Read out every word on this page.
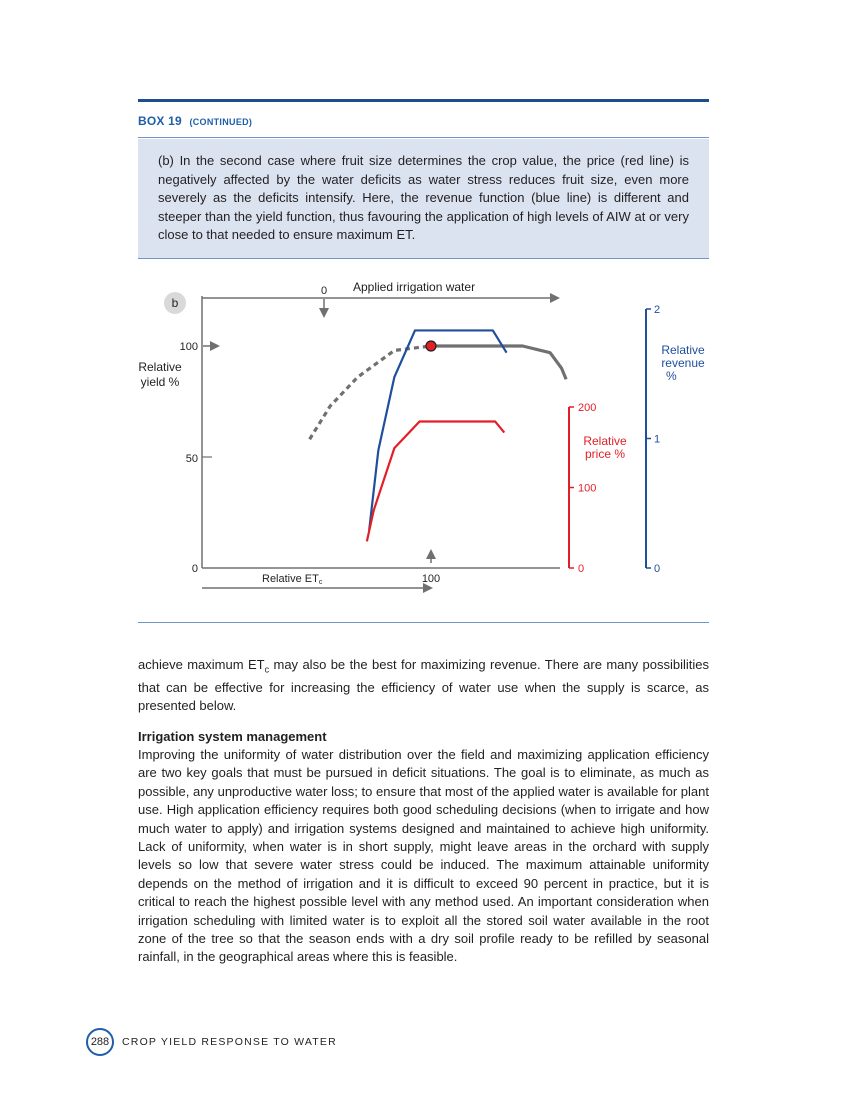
BOX 19 (CONTINUED)
(b) In the second case where fruit size determines the crop value, the price (red line) is negatively affected by the water deficits as water stress reduces fruit size, even more severely as the deficits intensify. Here, the revenue function (blue line) is different and steeper than the yield function, thus favouring the application of high levels of AIW at or very close to that needed to ensure maximum ET.
Applied irrigation water
0
b
100
50
0
Relative
yield %
100
Relative ETc
0
100
200
Relative
price %
0
1
2
Relative
revenue
%
achieve maximum $ET_c$ may also be the best for maximizing revenue. There are many possibilities that can be effective for increasing the efficiency of water use when the supply is scarce, as presented below.
Irrigation system management
Improving the uniformity of water distribution over the field and maximizing application efficiency are two key goals that must be pursued in deficit situations. The goal is to eliminate, as much as possible, any unproductive water loss; to ensure that most of the applied water is available for plant use. High application efficiency requires both good scheduling decisions (when to irrigate and how much water to apply) and irrigation systems designed and maintained to achieve high uniformity. Lack of uniformity, when water is in short supply, might leave areas in the orchard with supply levels so low that severe water stress could be induced. The maximum attainable uniformity depends on the method of irrigation and it is difficult to exceed 90 percent in practice, but it is critical to reach the highest possible level with any method used. An important consideration when irrigation scheduling with limited water is to exploit all the stored soil water available in the root zone of the tree so that the season ends with a dry soil profile ready to be refilled by seasonal rainfall, in the geographical areas where this is feasible.
288	CROP YIELD RESPONSE TO WATER
